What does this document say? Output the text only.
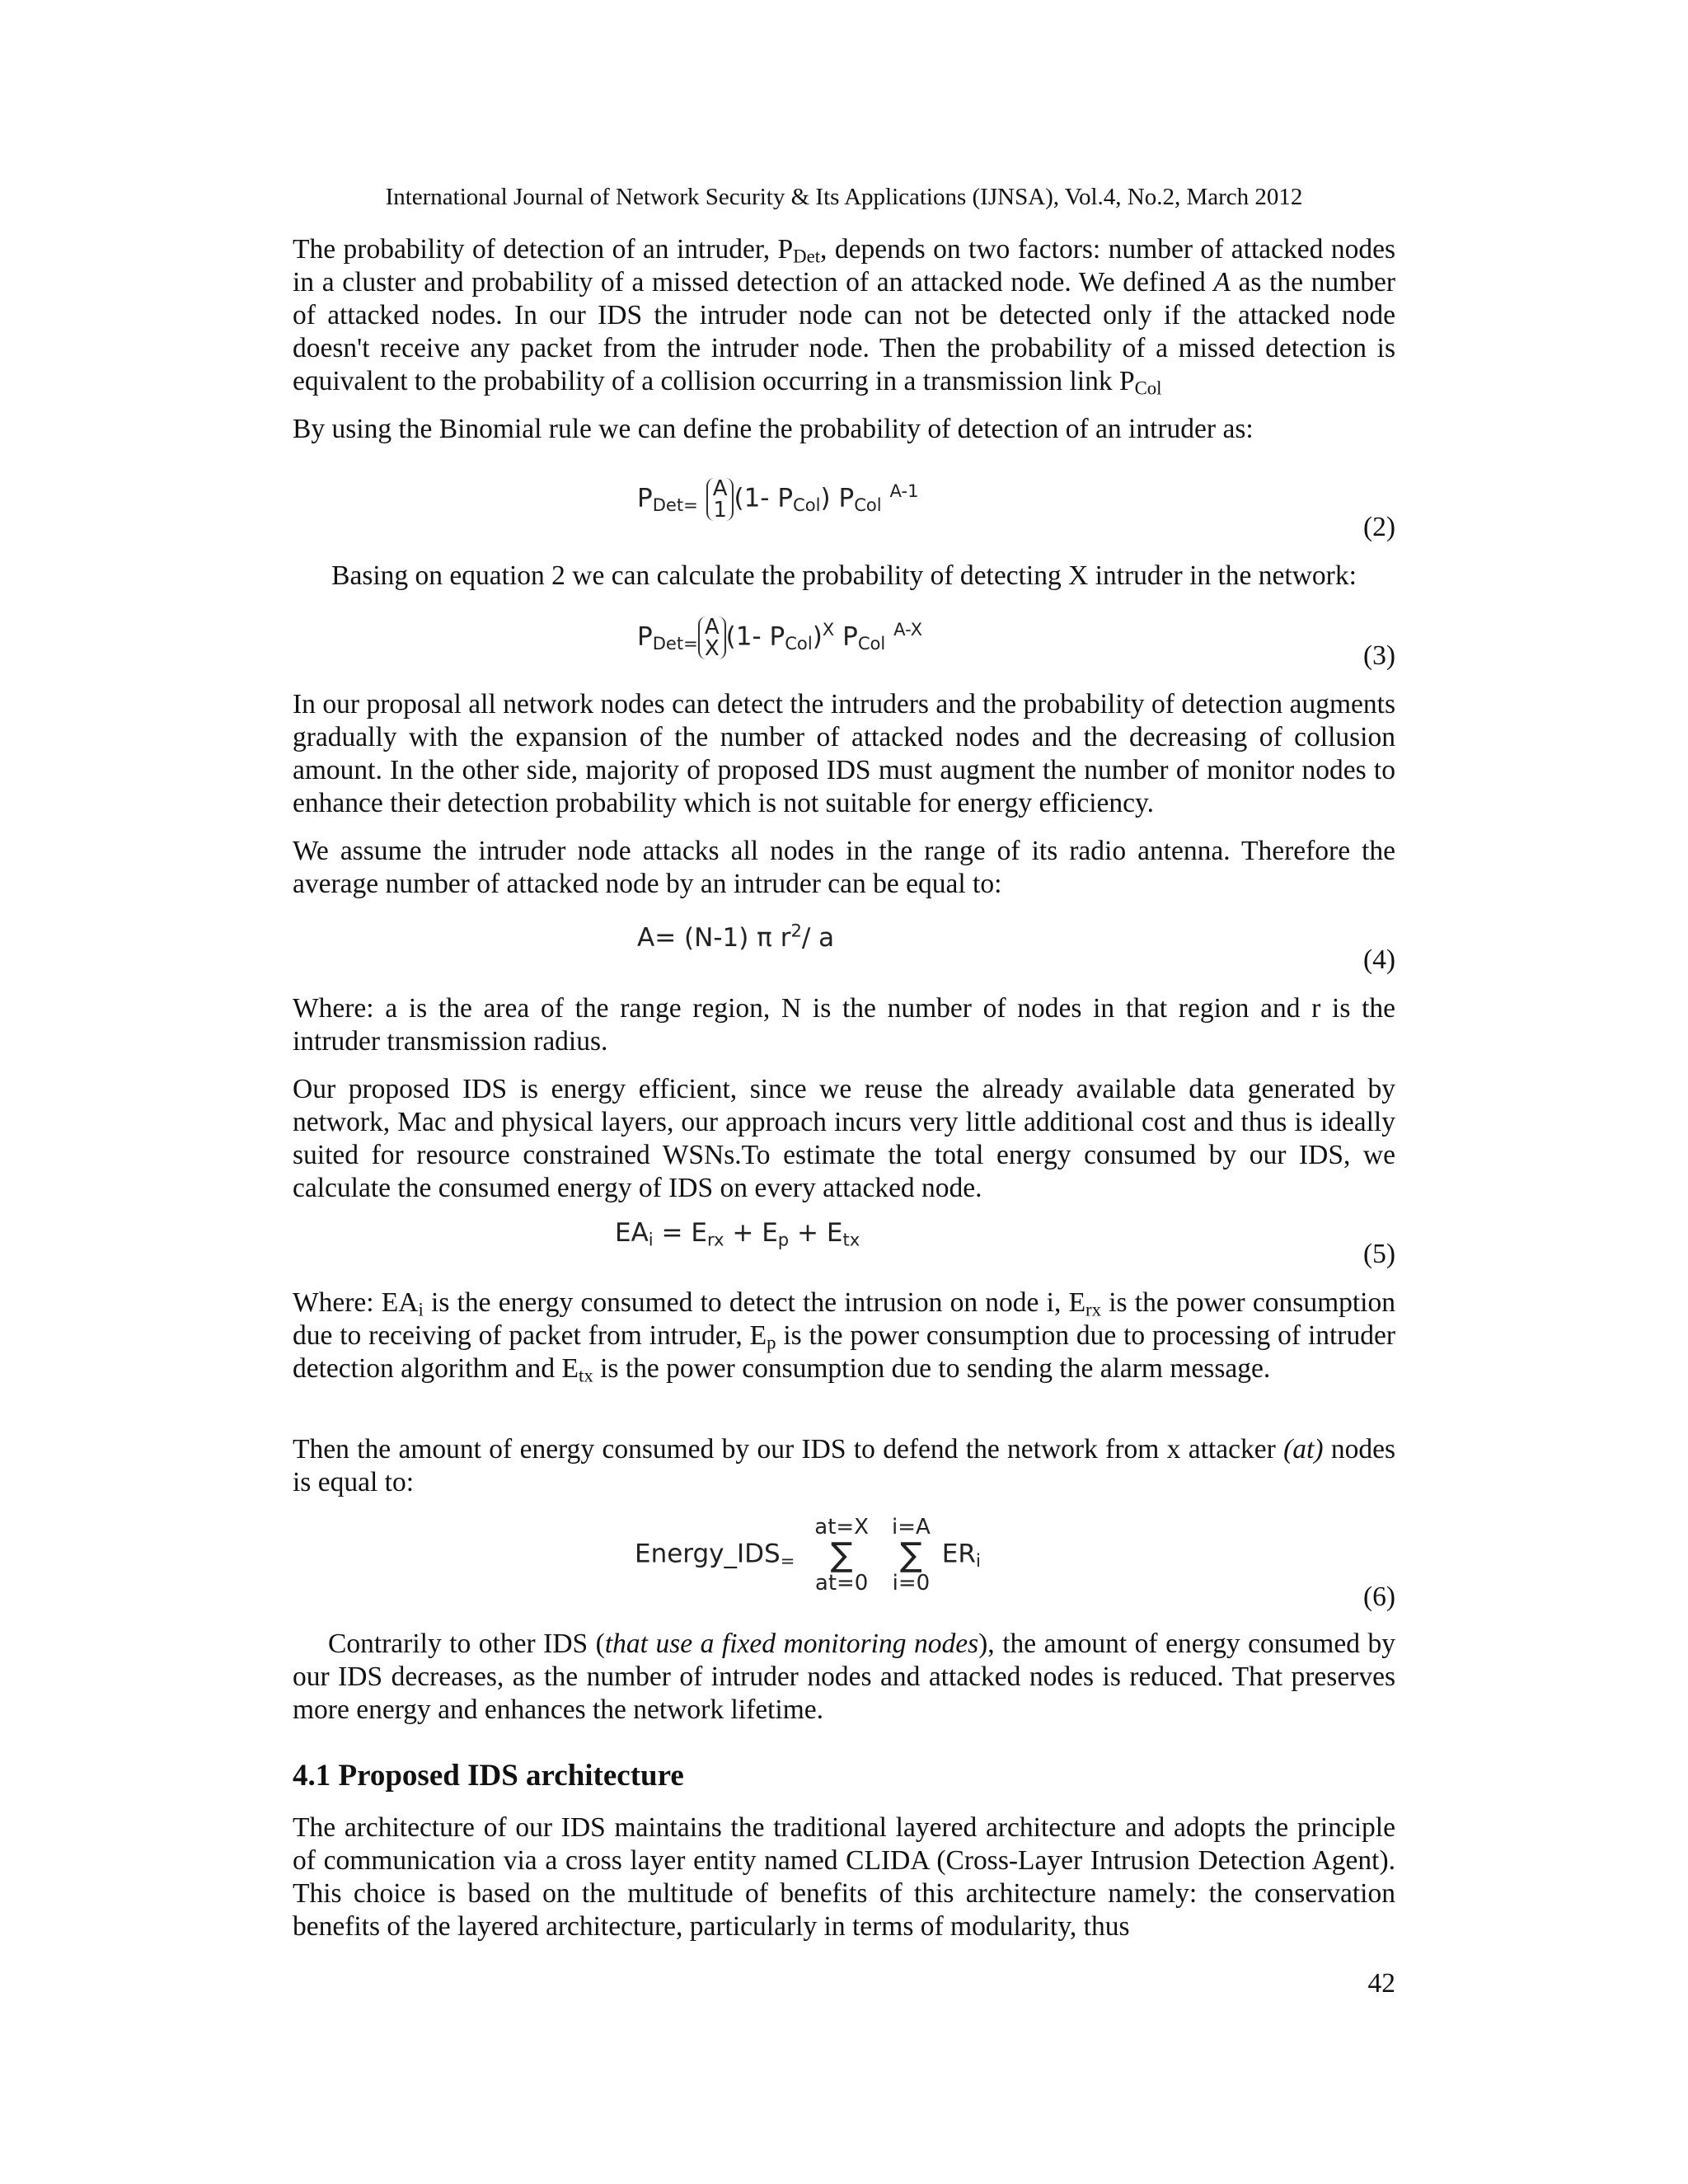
International Journal of Network Security & Its Applications (IJNSA), Vol.4, No.2, March 2012

The probability of detection of an intruder, $P_{Det}$, depends on two factors: number of attacked nodes in a cluster and probability of a missed detection of an attacked node. We defined A as the number of attacked nodes. In our IDS the intruder node can not be detected only if the attacked node doesn't receive any packet from the intruder node. Then the probability of a missed detection is equivalent to the probability of a collision occurring in a transmission link $P_{Col}$

By using the Binomial rule we can define the probability of detection of an intruder as:

$P_{Det=}$ A
1 (1- $P_{Col}$) $P_{Col}$ $^{A-1}$
(2)

Basing on equation 2 we can calculate the probability of detecting X intruder in the network:

$P_{Det=}A$
X (1- $P_{Col})^X$ $P_{Col}$ $^{A-X}$
(3)

In our proposal all network nodes can detect the intruders and the probability of detection augments gradually with the expansion of the number of attacked nodes and the decreasing of collusion amount. In the other side, majority of proposed IDS must augment the number of monitor nodes to enhance their detection probability which is not suitable for energy efficiency.

We assume the intruder node attacks all nodes in the range of its radio antenna. Therefore the average number of attacked node by an intruder can be equal to:

A= (N-1) π $r^2/$ a
(4)

Where: a is the area of the range region, N is the number of nodes in that region and r is the intruder transmission radius.

Our proposed IDS is energy efficient, since we reuse the already available data generated by network, Mac and physical layers, our approach incurs very little additional cost and thus is ideally suited for resource constrained WSNs.To estimate the total energy consumed by our IDS, we calculate the consumed energy of IDS on every attacked node.

$EA_i = E_{rx} + E_p + E_{tx}$	(5)

Where: $EA_i$ is the energy consumed to detect the intrusion on node i, $E_{rx}$ is the power consumption due to receiving of packet from intruder, $E_p$ is the power consumption due to processing of intruder detection algorithm and $E_{tx}$ is the power consumption due to sending the alarm message.

Then the amount of energy consumed by our IDS to defend the network from x attacker (at) nodes is equal to:

$Energy\_IDS_=$
at=X
∑
at=0
i=A
∑
i=0
$ER_i$
(6)

Contrarily to other IDS (that use a fixed monitoring nodes), the amount of energy consumed by our IDS decreases, as the number of intruder nodes and attacked nodes is reduced. That preserves more energy and enhances the network lifetime.

4.1 Proposed IDS architecture

The architecture of our IDS maintains the traditional layered architecture and adopts the principle of communication via a cross layer entity named CLIDA (Cross-Layer Intrusion Detection Agent). This choice is based on the multitude of benefits of this architecture namely: the conservation benefits of the layered architecture, particularly in terms of modularity, thus

42
